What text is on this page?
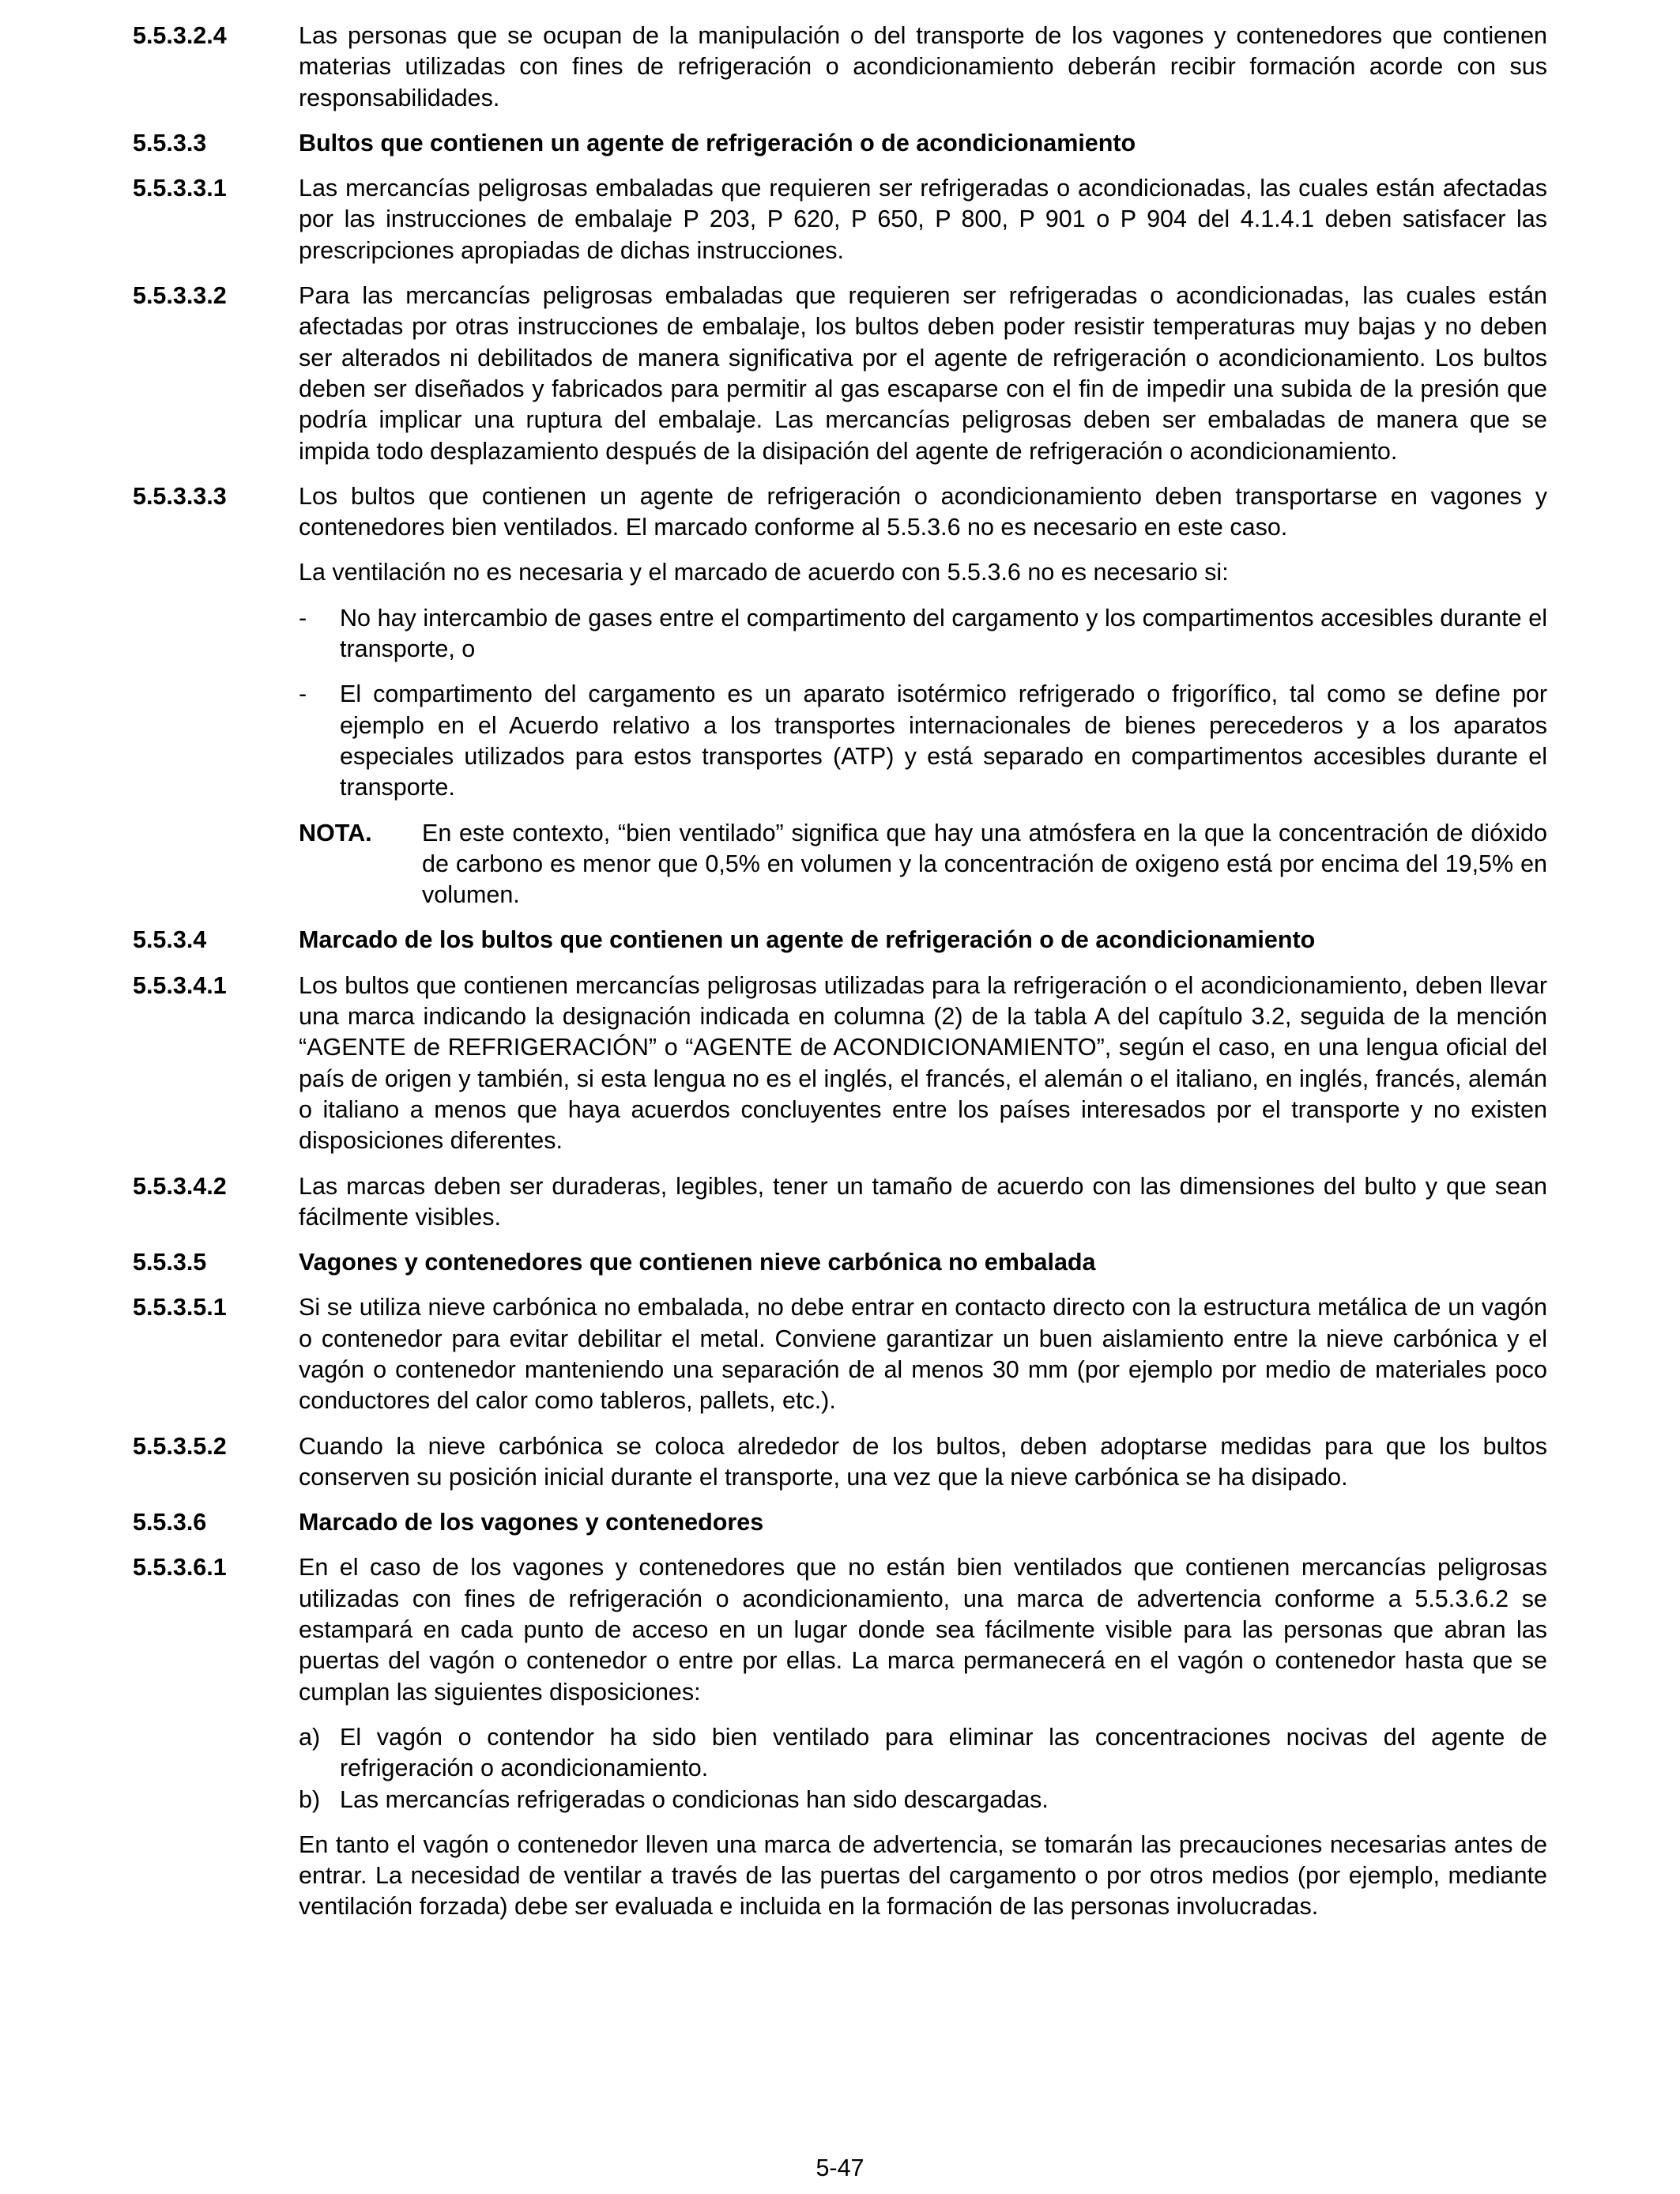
5.5.3.2.4	Las personas que se ocupan de la manipulación o del transporte de los vagones y contenedores que contienen materias utilizadas con fines de refrigeración o acondicionamiento deberán recibir formación acorde con sus responsabilidades.
5.5.3.3	Bultos que contienen un agente de refrigeración o de acondicionamiento
5.5.3.3.1	Las mercancías peligrosas embaladas que requieren ser refrigeradas o acondicionadas, las cuales están afectadas por las instrucciones de embalaje P 203, P 620, P 650, P 800, P 901 o P 904 del 4.1.4.1 deben satisfacer las prescripciones apropiadas de dichas instrucciones.
5.5.3.3.2	Para las mercancías peligrosas embaladas que requieren ser refrigeradas o acondicionadas, las cuales están afectadas por otras instrucciones de embalaje, los bultos deben poder resistir temperaturas muy bajas y no deben ser alterados ni debilitados de manera significativa por el agente de refrigeración o acondicionamiento. Los bultos deben ser diseñados y fabricados para permitir al gas escaparse con el fin de impedir una subida de la presión que podría implicar una ruptura del embalaje. Las mercancías peligrosas deben ser embaladas de manera que se impida todo desplazamiento después de la disipación del agente de refrigeración o acondicionamiento.
5.5.3.3.3	Los bultos que contienen un agente de refrigeración o acondicionamiento deben transportarse en vagones y contenedores bien ventilados. El marcado conforme al 5.5.3.6 no es necesario en este caso.
La ventilación no es necesaria y el marcado de acuerdo con 5.5.3.6 no es necesario si:
-	No hay intercambio de gases entre el compartimento del cargamento y los compartimentos accesibles durante el transporte, o
-	El compartimento del cargamento es un aparato isotérmico refrigerado o frigorífico, tal como se define por ejemplo en el Acuerdo relativo a los transportes internacionales de bienes perecederos y a los aparatos especiales utilizados para estos transportes (ATP) y está separado en compartimentos accesibles durante el transporte.
NOTA.	En este contexto, “bien ventilado” significa que hay una atmósfera en la que la concentración de dióxido de carbono es menor que 0,5% en volumen y la concentración de oxigeno está por encima del 19,5% en volumen.
5.5.3.4	Marcado de los bultos que contienen un agente de refrigeración o de acondicionamiento
5.5.3.4.1	Los bultos que contienen mercancías peligrosas utilizadas para la refrigeración o el acondicionamiento, deben llevar una marca indicando la designación indicada en columna (2) de la tabla A del capítulo 3.2, seguida de la mención “AGENTE de REFRIGERACIÓN” o “AGENTE de ACONDICIONAMIENTO”, según el caso, en una lengua oficial del país de origen y también, si esta lengua no es el inglés, el francés, el alemán o el italiano, en inglés, francés, alemán o italiano a menos que haya acuerdos concluyentes entre los países interesados por el transporte y no existen disposiciones diferentes.
5.5.3.4.2	Las marcas deben ser duraderas, legibles, tener un tamaño de acuerdo con las dimensiones del bulto y que sean fácilmente visibles.
5.5.3.5	Vagones y contenedores que contienen nieve carbónica no embalada
5.5.3.5.1	Si se utiliza nieve carbónica no embalada, no debe entrar en contacto directo con la estructura metálica de un vagón o contenedor para evitar debilitar el metal. Conviene garantizar un buen aislamiento entre la nieve carbónica y el vagón o contenedor manteniendo una separación de al menos 30 mm (por ejemplo por medio de materiales poco conductores del calor como tableros, pallets, etc.).
5.5.3.5.2	Cuando la nieve carbónica se coloca alrededor de los bultos, deben adoptarse medidas para que los bultos conserven su posición inicial durante el transporte, una vez que la nieve carbónica se ha disipado.
5.5.3.6	Marcado de los vagones y contenedores
5.5.3.6.1	En el caso de los vagones y contenedores que no están bien ventilados que contienen mercancías peligrosas utilizadas con fines de refrigeración o acondicionamiento, una marca de advertencia conforme a 5.5.3.6.2 se estampará en cada punto de acceso en un lugar donde sea fácilmente visible para las personas que abran las puertas del vagón o contenedor o entre por ellas. La marca permanecerá en el vagón o contenedor hasta que se cumplan las siguientes disposiciones:
a) El vagón o contendor ha sido bien ventilado para eliminar las concentraciones nocivas del agente de refrigeración o acondicionamiento.
b) Las mercancías refrigeradas o condicionas han sido descargadas.
En tanto el vagón o contenedor lleven una marca de advertencia, se tomarán las precauciones necesarias antes de entrar. La necesidad de ventilar a través de las puertas del cargamento o por otros medios (por ejemplo, mediante ventilación forzada) debe ser evaluada e incluida en la formación de las personas involucradas.
5-47
